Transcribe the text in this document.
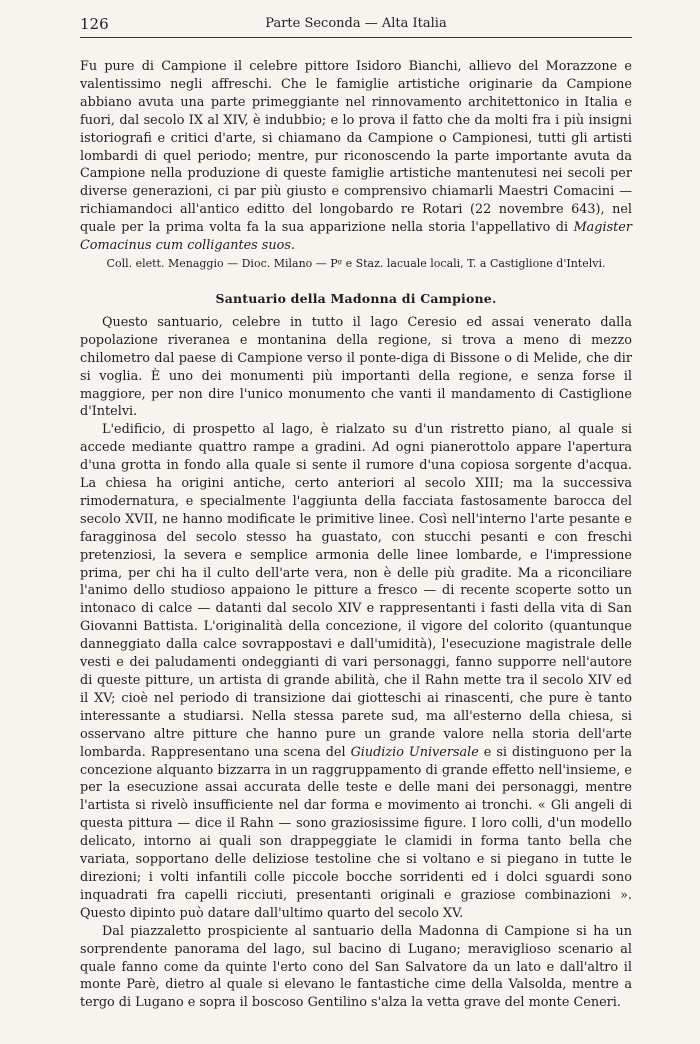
126	Parte Seconda — Alta Italia

Fu pure di Campione il celebre pittore Isidoro Bianchi, allievo del Morazzone e valentissimo negli affreschi. Che le famiglie artistiche originarie da Campione abbiano avuta una parte primeggiante nel rinnovamento architettonico in Italia e fuori, dal secolo IX al XIV, è indubbio; e lo prova il fatto che da molti fra i più insigni istoriografi e critici d'arte, si chiamano da Campione o Campionesi, tutti gli artisti lombardi di quel periodo; mentre, pur riconoscendo la parte importante avuta da Campione nella produzione di queste famiglie artistiche mantenutesi nei secoli per diverse generazioni, ci par più giusto e comprensivo chiamarli Maestri Comacini — richiamandoci all'antico editto del longobardo re Rotari (22 novembre 643), nel quale per la prima volta fa la sua apparizione nella storia l'appellativo di Magister Comacinus cum colligantes suos.

Coll. elett. Menaggio — Dioc. Milano — Pᵍ e Staz. lacuale locali, T. a Castiglione d'Intelvi.

Santuario della Madonna di Campione.

Questo santuario, celebre in tutto il lago Ceresio ed assai venerato dalla popolazione riveranea e montanina della regione, si trova a meno di mezzo chilometro dal paese di Campione verso il ponte-diga di Bissone o di Melide, che dir si voglia. È uno dei monumenti più importanti della regione, e senza forse il maggiore, per non dire l'unico monumento che vanti il mandamento di Castiglione d'Intelvi.

L'edificio, di prospetto al lago, è rialzato su d'un ristretto piano, al quale si accede mediante quattro rampe a gradini. Ad ogni pianerottolo appare l'apertura d'una grotta in fondo alla quale si sente il rumore d'una copiosa sorgente d'acqua. La chiesa ha origini antiche, certo anteriori al secolo XIII; ma la successiva rimodernatura, e specialmente l'aggiunta della facciata fastosamente barocca del secolo XVII, ne hanno modificate le primitive linee. Così nell'interno l'arte pesante e faragginosa del secolo stesso ha guastato, con stucchi pesanti e con freschi pretenziosi, la severa e semplice armonia delle linee lombarde, e l'impressione prima, per chi ha il culto dell'arte vera, non è delle più gradite. Ma a riconciliare l'animo dello studioso appaiono le pitture a fresco — di recente scoperte sotto un intonaco di calce — datanti dal secolo XIV e rappresentanti i fasti della vita di San Giovanni Battista. L'originalità della concezione, il vigore del colorito (quantunque danneggiato dalla calce sovrappostavi e dall'umidità), l'esecuzione magistrale delle vesti e dei paludamenti ondeggianti di vari personaggi, fanno supporre nell'autore di queste pitture, un artista di grande abilità, che il Rahn mette tra il secolo XIV ed il XV; cioè nel periodo di transizione dai giotteschi ai rinascenti, che pure è tanto interessante a studiarsi. Nella stessa parete sud, ma all'esterno della chiesa, si osservano altre pitture che hanno pure un grande valore nella storia dell'arte lombarda. Rappresentano una scena del Giudizio Universale e si distinguono per la concezione alquanto bizzarra in un raggruppamento di grande effetto nell'insieme, e per la esecuzione assai accurata delle teste e delle mani dei personaggi, mentre l'artista si rivelò insufficiente nel dar forma e movimento ai tronchi. « Gli angeli di questa pittura — dice il Rahn — sono graziosissime figure. I loro colli, d'un modello delicato, intorno ai quali son drappeggiate le clamidi in forma tanto bella che variata, sopportano delle deliziose testoline che si voltano e si piegano in tutte le direzioni; i volti infantili colle piccole bocche sorridenti ed i dolci sguardi sono inquadrati fra capelli ricciuti, presentanti originali e graziose combinazioni ». Questo dipinto può datare dall'ultimo quarto del secolo XV.

Dal piazzaletto prospiciente al santuario della Madonna di Campione si ha un sorprendente panorama del lago, sul bacino di Lugano; meraviglioso scenario al quale fanno come da quinte l'erto cono del San Salvatore da un lato e dall'altro il monte Parè, dietro al quale si elevano le fantastiche cime della Valsolda, mentre a tergo di Lugano e sopra il boscoso Gentilino s'alza la vetta grave del monte Ceneri.
